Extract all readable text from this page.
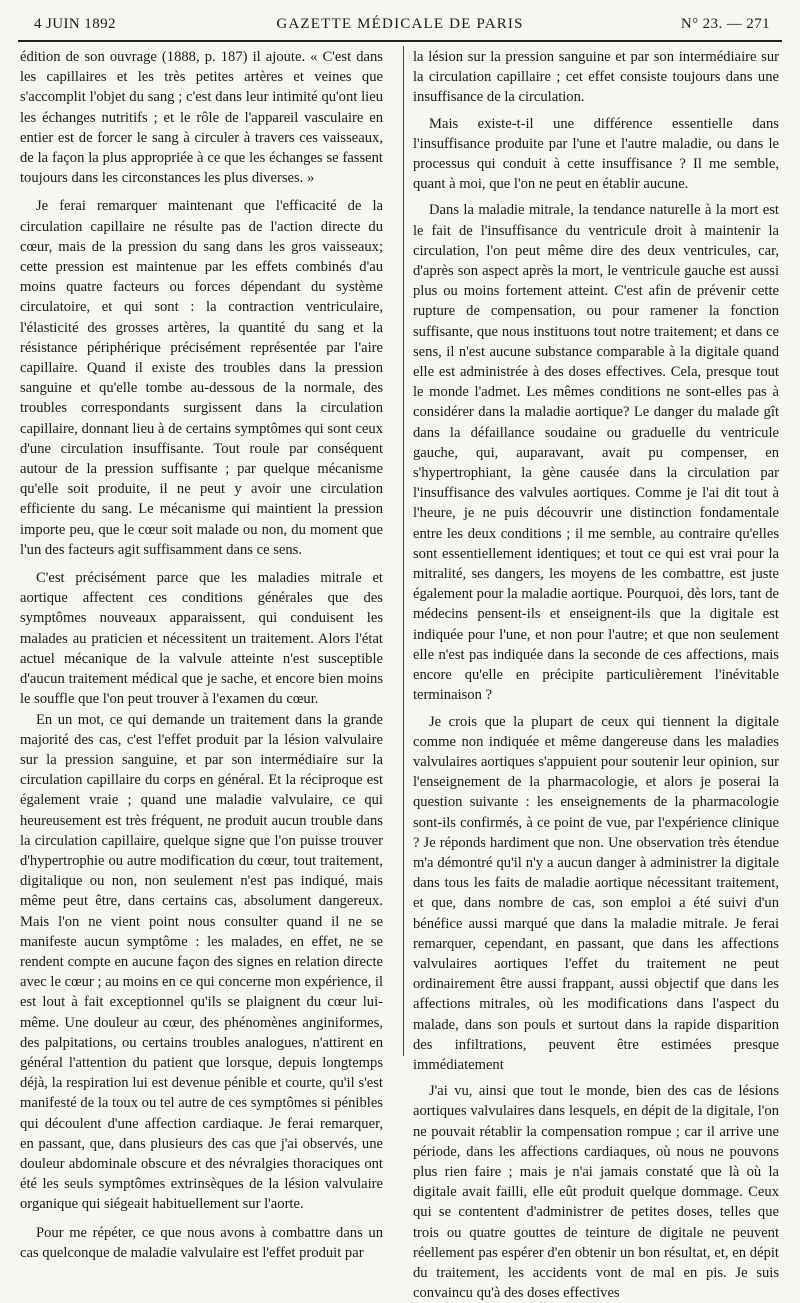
4 JUIN 1892	GAZETTE MÉDICALE DE PARIS	N° 23. — 271

édition de son ouvrage (1888, p. 187) il ajoute. « C'est dans les capillaires et les très petites artères et veines que s'accomplit l'objet du sang ; c'est dans leur intimité qu'ont lieu les échanges nutritifs ; et le rôle de l'appareil vasculaire en entier est de forcer le sang à circuler à travers ces vaisseaux, de la façon la plus appropriée à ce que les échanges se fassent toujours dans les circonstances les plus diverses. »

Je ferai remarquer maintenant que l'efficacité de la circulation capillaire ne résulte pas de l'action directe du cœur, mais de la pression du sang dans les gros vaisseaux; cette pression est maintenue par les effets combinés d'au moins quatre facteurs ou forces dépendant du système circulatoire, et qui sont : la contraction ventriculaire, l'élasticité des grosses artères, la quantité du sang et la résistance périphérique précisément représentée par l'aire capillaire. Quand il existe des troubles dans la pression sanguine et qu'elle tombe au-dessous de la normale, des troubles correspondants surgissent dans la circulation capillaire, donnant lieu à de certains symptômes qui sont ceux d'une circulation insuffisante. Tout roule par conséquent autour de la pression suffisante ; par quelque mécanisme qu'elle soit produite, il ne peut y avoir une circulation efficiente du sang. Le mécanisme qui maintient la pression importe peu, que le cœur soit malade ou non, du moment que l'un des facteurs agit suffisamment dans ce sens.

C'est précisément parce que les maladies mitrale et aortique affectent ces conditions générales que des symptômes nouveaux apparaissent, qui conduisent les malades au praticien et nécessitent un traitement. Alors l'état actuel mécanique de la valvule atteinte n'est susceptible d'aucun traitement médical que je sache, et encore bien moins le souffle que l'on peut trouver à l'examen du cœur.

En un mot, ce qui demande un traitement dans la grande majorité des cas, c'est l'effet produit par la lésion valvulaire sur la pression sanguine, et par son intermédiaire sur la circulation capillaire du corps en général. Et la réciproque est également vraie ; quand une maladie valvulaire, ce qui heureusement est très fréquent, ne produit aucun trouble dans la circulation capillaire, quelque signe que l'on puisse trouver d'hypertrophie ou autre modification du cœur, tout traitement, digitalique ou non, non seulement n'est pas indiqué, mais même peut être, dans certains cas, absolument dangereux. Mais l'on ne vient point nous consulter quand il ne se manifeste aucun symptôme : les malades, en effet, ne se rendent compte en aucune façon des signes en relation directe avec le cœur ; au moins en ce qui concerne mon expérience, il est lout à fait exceptionnel qu'ils se plaignent du cœur lui-même. Une douleur au cœur, des phénomènes anginiformes, des palpitations, ou certains troubles analogues, n'attirent en général l'attention du patient que lorsque, depuis longtemps déjà, la respiration lui est devenue pénible et courte, qu'il s'est manifesté de la toux ou tel autre de ces symptômes si pénibles qui découlent d'une affection cardiaque. Je ferai remarquer, en passant, que, dans plusieurs des cas que j'ai observés, une douleur abdominale obscure et des névralgies thoraciques ont été les seuls symptômes extrinsèques de la lésion valvulaire organique qui siégeait habituellement sur l'aorte.

Pour me répéter, ce que nous avons à combattre dans un cas quelconque de maladie valvulaire est l'effet produit par

la lésion sur la pression sanguine et par son intermédiaire sur la circulation capillaire ; cet effet consiste toujours dans une insuffisance de la circulation.

Mais existe-t-il une différence essentielle dans l'insuffisance produite par l'une et l'autre maladie, ou dans le processus qui conduit à cette insuffisance ? Il me semble, quant à moi, que l'on ne peut en établir aucune.

Dans la maladie mitrale, la tendance naturelle à la mort est le fait de l'insuffisance du ventricule droit à maintenir la circulation, l'on peut même dire des deux ventricules, car, d'après son aspect après la mort, le ventricule gauche est aussi plus ou moins fortement atteint. C'est afin de prévenir cette rupture de compensation, ou pour ramener la fonction suffisante, que nous instituons tout notre traitement; et dans ce sens, il n'est aucune substance comparable à la digitale quand elle est administrée à des doses effectives. Cela, presque tout le monde l'admet. Les mêmes conditions ne sont-elles pas à considérer dans la maladie aortique? Le danger du malade gît dans la défaillance soudaine ou graduelle du ventricule gauche, qui, auparavant, avait pu compenser, en s'hypertrophiant, la gène causée dans la circulation par l'insuffisance des valvules aortiques. Comme je l'ai dit tout à l'heure, je ne puis découvrir une distinction fondamentale entre les deux conditions ; il me semble, au contraire qu'elles sont essentiellement identiques; et tout ce qui est vrai pour la mitralité, ses dangers, les moyens de les combattre, est juste également pour la maladie aortique. Pourquoi, dès lors, tant de médecins pensent-ils et enseignent-ils que la digitale est indiquée pour l'une, et non pour l'autre; et que non seulement elle n'est pas indiquée dans la seconde de ces affections, mais encore qu'elle en précipite particulièrement l'inévitable terminaison ?

Je crois que la plupart de ceux qui tiennent la digitale comme non indiquée et même dangereuse dans les maladies valvulaires aortiques s'appuient pour soutenir leur opinion, sur l'enseignement de la pharmacologie, et alors je poserai la question suivante : les enseignements de la pharmacologie sont-ils confirmés, à ce point de vue, par l'expérience clinique ? Je réponds hardiment que non. Une observation très étendue m'a démontré qu'il n'y a aucun danger à administrer la digitale dans tous les faits de maladie aortique nécessitant traitement, et que, dans nombre de cas, son emploi a été suivi d'un bénéfice aussi marqué que dans la maladie mitrale. Je ferai remarquer, cependant, en passant, que dans les affections valvulaires aortiques l'effet du traitement ne peut ordinairement être aussi frappant, aussi objectif que dans les affections mitrales, où les modifications dans l'aspect du malade, dans son pouls et surtout dans la rapide disparition des infiltrations, peuvent être estimées presque immédiatement

J'ai vu, ainsi que tout le monde, bien des cas de lésions aortiques valvulaires dans lesquels, en dépit de la digitale, l'on ne pouvait rétablir la compensation rompue ; car il arrive une période, dans les affections cardiaques, où nous ne pouvons plus rien faire ; mais je n'ai jamais constaté que là où la digitale avait failli, elle eût produit quelque dommage. Ceux qui se contentent d'administrer de petites doses, telles que trois ou quatre gouttes de teinture de digitale ne peuvent réellement pas espérer d'en obtenir un bon résultat, et, en dépit du traitement, les accidents vont de mal en pis. Je suis convaincu qu'à des doses effectives
